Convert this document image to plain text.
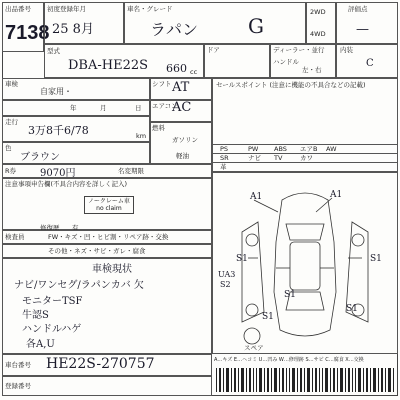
出品番号
7138
初度登録年月
25 8月
車名・グレード
ラパン G
2WD
4WD
評価点
—
型式
DBA-HE22S 660 cc
ドア	ディーラー・並行
ハンドル
左・右
内装
C
車検
自家用・
年	月	日
走行
3万8千6/78	km
色
ブラウン
R券 9070円	名変期限
注意事項申告欄(不具合内容を詳しく記入)
ノークレーム車
no claim
修復歴 有
シフト AT
エアコン
AC
燃料
ガソリン
軽油
セールスポイント (注意に機能の不具合などの記載)
PS	PW ABS エアB AW
SR	ナビ TV	カワ
革
検査員	FW・キズ・凹・ヒビ割・リペア跡・交換
その他・ネズ・サビ・ガレ・腐食
車検現状
ナビ/ワンセグ/ラパンカバ 欠
モニターTSF
牛認S
ハンドルハゲ
各A,U
A1	A1
S1	S1
UA3
S2
S1
S1
S1
スペア
車台番号 HE22S-270757
登録番号
A…キズ E…ヘコミ U…凹み W…修理跡 S…サビ C…腐食 X…交換
